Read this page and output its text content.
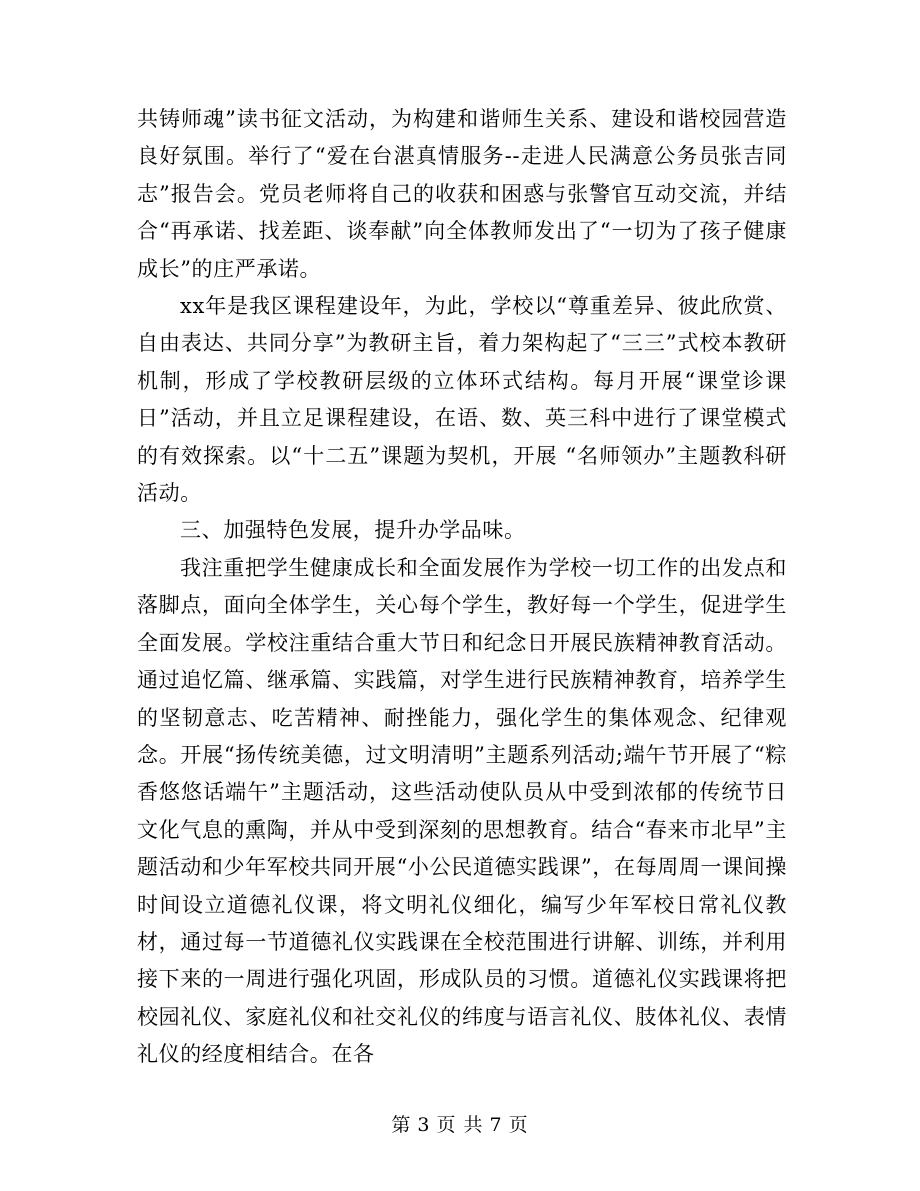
共铸师魂”读书征文活动，为构建和谐师生关系、建设和谐校园营造良好氛围。举行了“爱在台湛真情服务--走进人民满意公务员张吉同志”报告会。党员老师将自己的收获和困惑与张警官互动交流，并结合“再承诺、找差距、谈奉献”向全体教师发出了“一切为了孩子健康成长”的庄严承诺。

xx年是我区课程建设年，为此，学校以“尊重差异、彼此欣赏、自由表达、共同分享”为教研主旨，着力架构起了“三三”式校本教研机制，形成了学校教研层级的立体环式结构。每月开展“课堂诊课日”活动，并且立足课程建设，在语、数、英三科中进行了课堂模式的有效探索。以“十二五”课题为契机，开展 “名师领办”主题教科研活动。

三、加强特色发展，提升办学品味。

我注重把学生健康成长和全面发展作为学校一切工作的出发点和落脚点，面向全体学生，关心每个学生，教好每一个学生，促进学生全面发展。学校注重结合重大节日和纪念日开展民族精神教育活动。通过追忆篇、继承篇、实践篇，对学生进行民族精神教育，培养学生的坚韧意志、吃苦精神、耐挫能力，强化学生的集体观念、纪律观念。开展“扬传统美德，过文明清明”主题系列活动;端午节开展了“粽香悠悠话端午”主题活动，这些活动使队员从中受到浓郁的传统节日文化气息的熏陶，并从中受到深刻的思想教育。结合“春来市北早”主题活动和少年军校共同开展“小公民道德实践课”，在每周周一课间操时间设立道德礼仪课，将文明礼仪细化，编写少年军校日常礼仪教材，通过每一节道德礼仪实践课在全校范围进行讲解、训练，并利用接下来的一周进行强化巩固，形成队员的习惯。道德礼仪实践课将把校园礼仪、家庭礼仪和社交礼仪的纬度与语言礼仪、肢体礼仪、表情礼仪的经度相结合。在各

第 3 页 共 7 页
